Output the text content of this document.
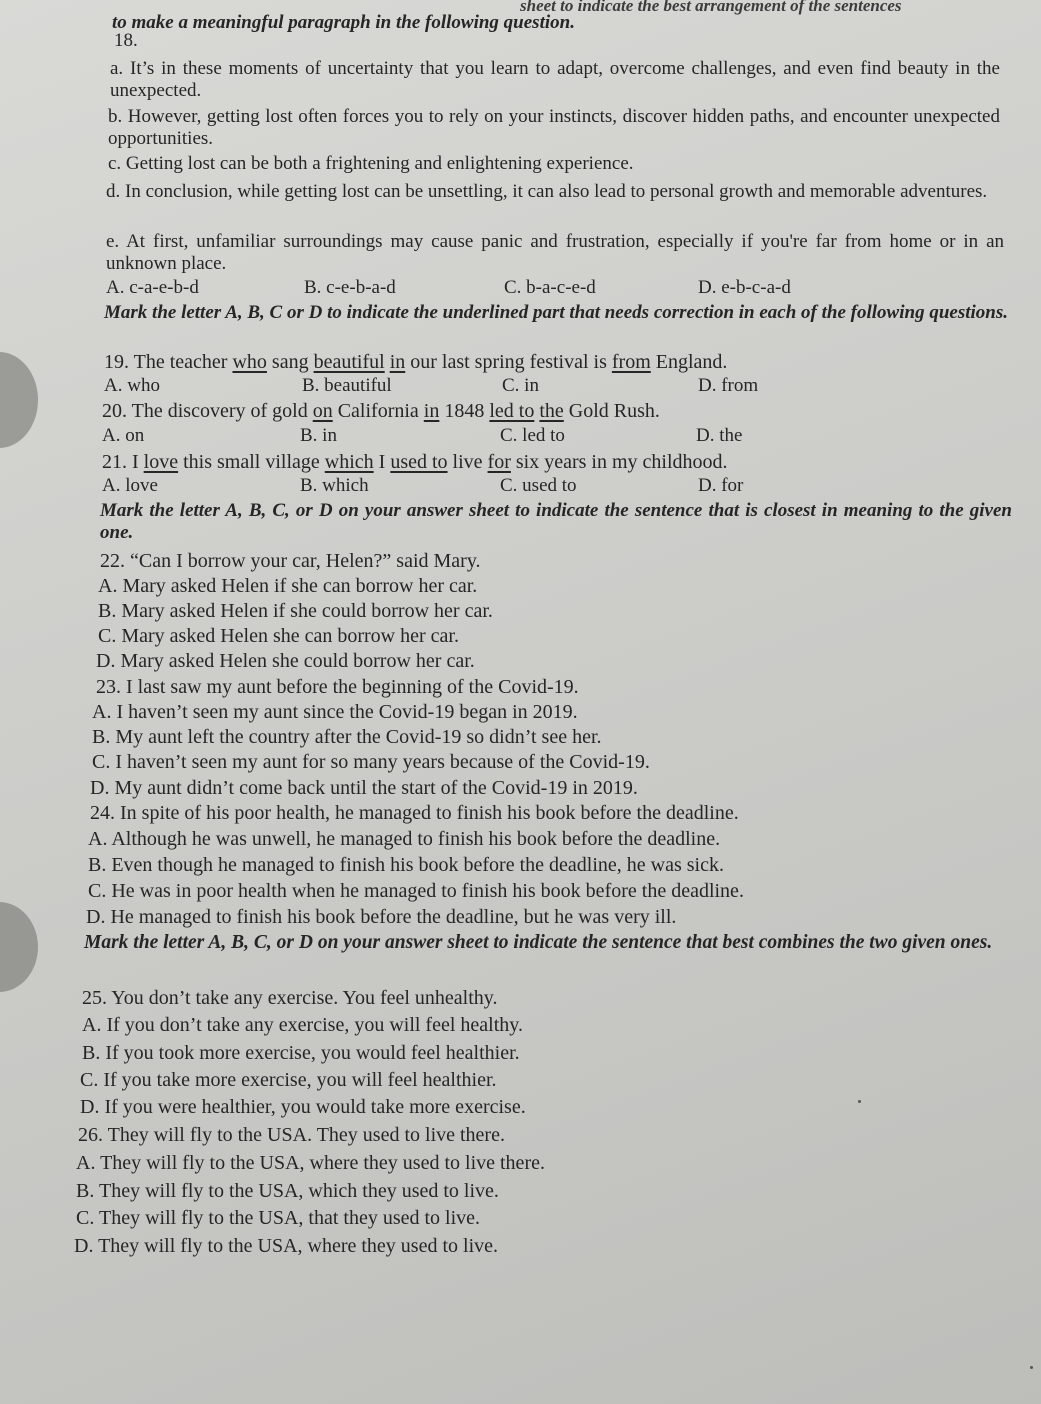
sheet to indicate the best arrangement of the sentences
to make a meaningful paragraph in the following question.
18.
a. It’s in these moments of uncertainty that you learn to adapt, overcome challenges, and even find beauty in the unexpected.
b. However, getting lost often forces you to rely on your instincts, discover hidden paths, and encounter unexpected opportunities.
c. Getting lost can be both a frightening and enlightening experience.
d. In conclusion, while getting lost can be unsettling, it can also lead to personal growth and memorable adventures.
e. At first, unfamiliar surroundings may cause panic and frustration, especially if you're far from home or in an unknown place.
A. c-a-e-b-d	B. c-e-b-a-d	C. b-a-c-e-d	D. e-b-c-a-d
Mark the letter A, B, C or D to indicate the underlined part that needs correction in each of the following questions.
19. The teacher who sang beautiful in our last spring festival is from England.
A. who	B. beautiful	C. in	D. from
20. The discovery of gold on California in 1848 led to the Gold Rush.
A. on	B. in	C. led to	D. the
21. I love this small village which I used to live for six years in my childhood.
A. love	B. which	C. used to	D. for
Mark the letter A, B, C, or D on your answer sheet to indicate the sentence that is closest in meaning to the given one.
22. “Can I borrow your car, Helen?” said Mary.
A. Mary asked Helen if she can borrow her car.
B. Mary asked Helen if she could borrow her car.
C. Mary asked Helen she can borrow her car.
D. Mary asked Helen she could borrow her car.
23. I last saw my aunt before the beginning of the Covid-19.
A. I haven’t seen my aunt since the Covid-19 began in 2019.
B. My aunt left the country after the Covid-19 so didn’t see her.
C. I haven’t seen my aunt for so many years because of the Covid-19.
D. My aunt didn’t come back until the start of the Covid-19 in 2019.
24. In spite of his poor health, he managed to finish his book before the deadline.
A. Although he was unwell, he managed to finish his book before the deadline.
B. Even though he managed to finish his book before the deadline, he was sick.
C. He was in poor health when he managed to finish his book before the deadline.
D. He managed to finish his book before the deadline, but he was very ill.
Mark the letter A, B, C, or D on your answer sheet to indicate the sentence that best combines the two given ones.
25. You don’t take any exercise. You feel unhealthy.
A. If you don’t take any exercise, you will feel healthy.
B. If you took more exercise, you would feel healthier.
C. If you take more exercise, you will feel healthier.
D. If you were healthier, you would take more exercise.
26. They will fly to the USA. They used to live there.
A. They will fly to the USA, where they used to live there.
B. They will fly to the USA, which they used to live.
C. They will fly to the USA, that they used to live.
D. They will fly to the USA, where they used to live.
